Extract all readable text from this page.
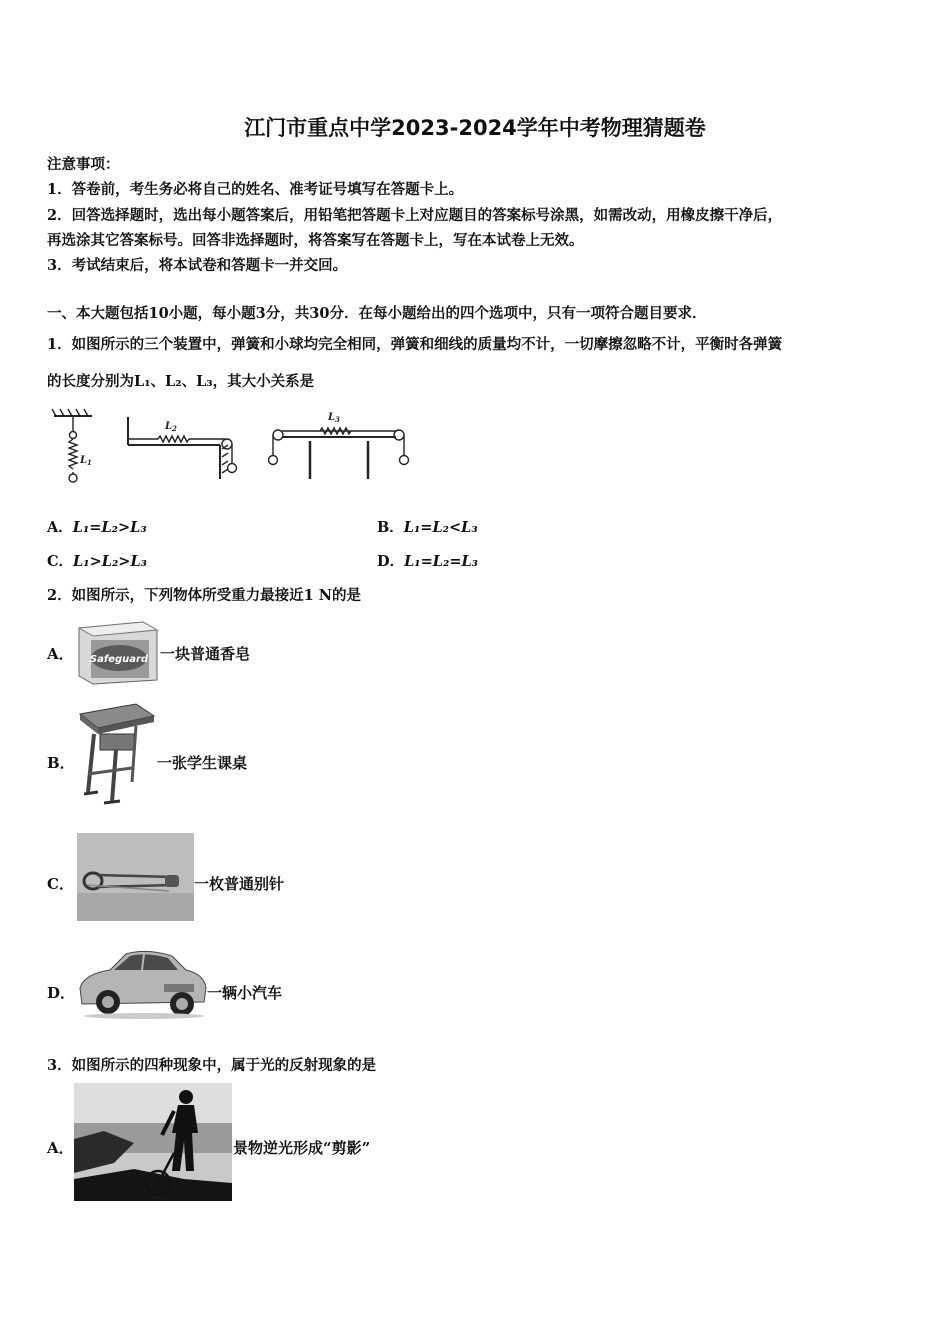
江门市重点中学2023-2024学年中考物理猜题卷
注意事项：
1．答卷前，考生务必将自己的姓名、准考证号填写在答题卡上。
2．回答选择题时，选出每小题答案后，用铅笔把答题卡上对应题目的答案标号涂黑，如需改动，用橡皮擦干净后，
再选涂其它答案标号。回答非选择题时，将答案写在答题卡上，写在本试卷上无效。
3．考试结束后，将本试卷和答题卡一并交回。
一、本大题包括10小题，每小题3分，共30分．在每小题给出的四个选项中，只有一项符合题目要求．
1．如图所示的三个装置中，弹簧和小球均完全相同，弹簧和细线的质量均不计，一切摩擦忽略不计，平衡时各弹簧
的长度分别为L₁、L₂、L₃，其大小关系是
$L_1$
$L_2$
$L_3$
A．L₁=L₂>L₃	B．L₁=L₂<L₃
C．L₁>L₂>L₃	D．L₁=L₂=L₃
2．如图所示，下列物体所受重力最接近1 N的是
A． Safeguard 一块普通香皂
B．	一张学生课桌
C．	一枚普通别针
D．	一辆小汽车
3．如图所示的四种现象中，属于光的反射现象的是
A．	景物逆光形成“剪影”
